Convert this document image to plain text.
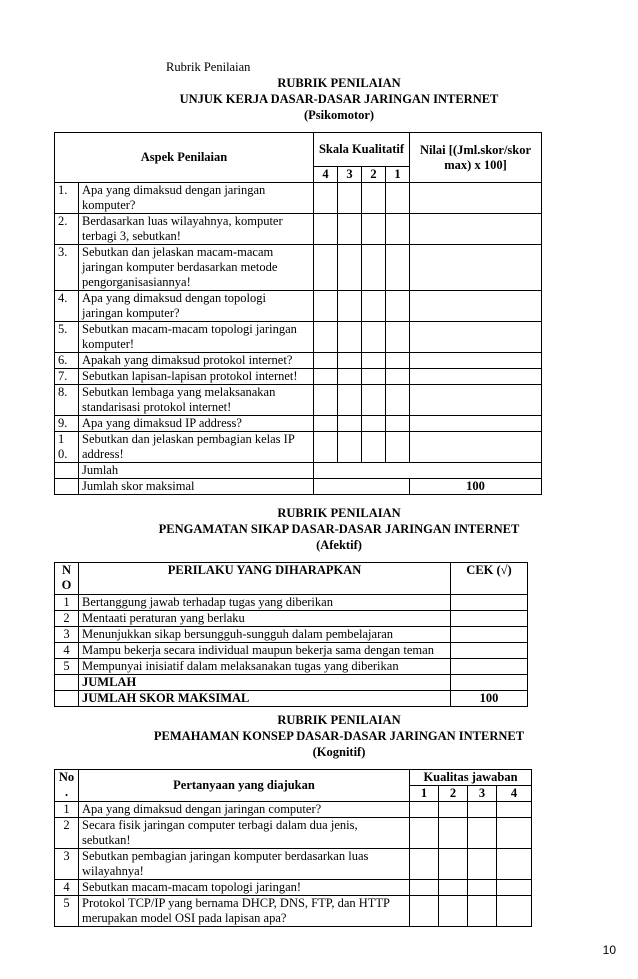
Rubrik Penilaian
RUBRIK PENILAIAN
UNJUK KERJA DASAR-DASAR JARINGAN INTERNET
(Psikomotor)
Aspek Penilaian		Skala Kualitatif				Nilai [(Jml.skor/skor max) x 100]
		4	3	2	1	
1.	Apa yang dimaksud dengan jaringan komputer?					
2.	Berdasarkan luas wilayahnya, komputer terbagi 3, sebutkan!					
3.	Sebutkan dan jelaskan macam-macam jaringan komputer berdasarkan metode pengorganisasiannya!					
4.	Apa yang dimaksud dengan topologi jaringan komputer?					
5.	Sebutkan macam-macam topologi jaringan komputer!					
6.	Apakah yang dimaksud protokol internet?					
7.	Sebutkan lapisan-lapisan protokol internet!					
8.	Sebutkan lembaga yang melaksanakan standarisasi protokol internet!					
9.	Apa yang dimaksud IP address?					
1 0.	Sebutkan dan jelaskan pembagian kelas IP address!					
	Jumlah					
	Jumlah skor maksimal					100
RUBRIK PENILAIAN
PENGAMATAN SIKAP DASAR-DASAR JARINGAN INTERNET
(Afektif)
N O	PERILAKU YANG DIHARAPKAN	CEK (√)
1	Bertanggung jawab terhadap tugas yang diberikan	
2	Mentaati peraturan yang berlaku	
3	Menunjukkan sikap bersungguh-sungguh dalam pembelajaran	
4	Mampu bekerja secara individual maupun bekerja sama dengan teman	
5	Mempunyai inisiatif dalam melaksanakan tugas yang diberikan	
	JUMLAH	
	JUMLAH SKOR MAKSIMAL	100
RUBRIK PENILAIAN
PEMAHAMAN KONSEP DASAR-DASAR JARINGAN INTERNET
(Kognitif)
No .	Pertanyaan yang diajukan	Kualitas jawaban			
		1	2	3	4
1	Apa yang dimaksud dengan jaringan computer?				
2	Secara fisik jaringan computer terbagi dalam dua jenis, sebutkan!				
3	Sebutkan pembagian jaringan komputer berdasarkan luas wilayahnya!				
4	Sebutkan macam-macam topologi jaringan!				
5	Protokol TCP/IP yang bernama DHCP, DNS, FTP, dan HTTP merupakan model OSI pada lapisan apa?				
10
